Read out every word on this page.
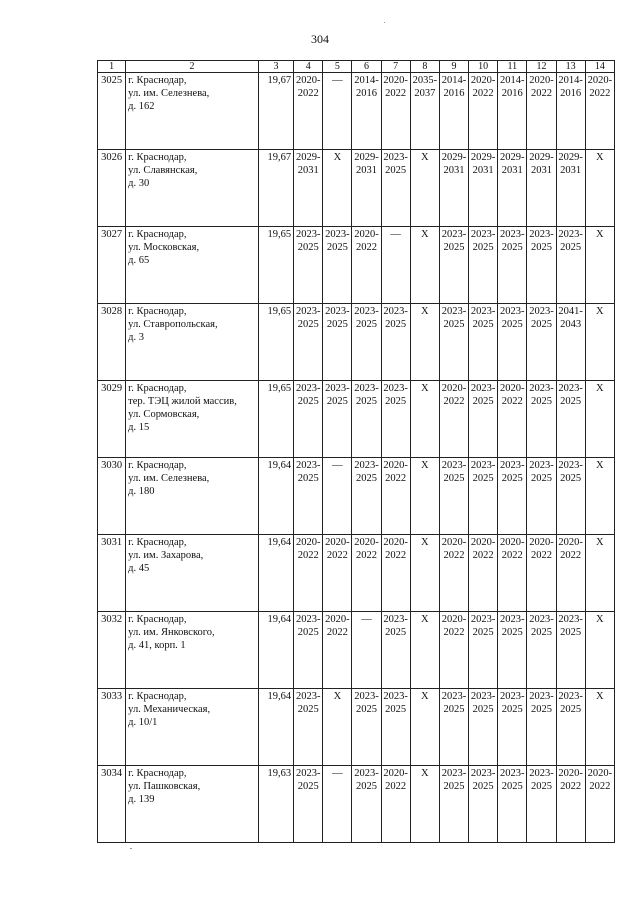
304
1	2	3	4	5	6	7	8	9	10	11	12	13	14
3025	г. Краснодар,
ул. им. Селезнева,
д. 162	19,67	2020-
2022	—	2014-
2016	2020-
2022	2035-
2037	2014-
2016	2020-
2022	2014-
2016	2020-
2022	2014-
2016	2020-
2022

3026	г. Краснодар,
ул. Славянская,
д. 30	19,67	2029-
2031	Х	2029-
2031	2023-
2025	Х	2029-
2031	2029-
2031	2029-
2031	2029-
2031	2029-
2031	Х

3027	г. Краснодар,
ул. Московская,
д. 65	19,65	2023-
2025	2023-
2025	2020-
2022	—	Х	2023-
2025	2023-
2025	2023-
2025	2023-
2025	2023-
2025	Х

3028	г. Краснодар,
ул. Ставропольская,
д. 3	19,65	2023-
2025	2023-
2025	2023-
2025	2023-
2025	Х	2023-
2025	2023-
2025	2023-
2025	2023-
2025	2041-
2043	Х

3029	г. Краснодар,
тер. ТЭЦ жилой массив,
ул. Сормовская,
д. 15	19,65	2023-
2025	2023-
2025	2023-
2025	2023-
2025	Х	2020-
2022	2023-
2025	2020-
2022	2023-
2025	2023-
2025	Х

3030	г. Краснодар,
ул. им. Селезнева,
д. 180	19,64	2023-
2025	—	2023-
2025	2020-
2022	Х	2023-
2025	2023-
2025	2023-
2025	2023-
2025	2023-
2025	Х

3031	г. Краснодар,
ул. им. Захарова,
д. 45	19,64	2020-
2022	2020-
2022	2020-
2022	2020-
2022	Х	2020-
2022	2020-
2022	2020-
2022	2020-
2022	2020-
2022	Х

3032	г. Краснодар,
ул. им. Янковского,
д. 41, корп. 1	19,64	2023-
2025	2020-
2022	—	2023-
2025	Х	2020-
2022	2023-
2025	2023-
2025	2023-
2025	2023-
2025	Х

3033	г. Краснодар,
ул. Механическая,
д. 10/1	19,64	2023-
2025	Х	2023-
2025	2023-
2025	Х	2023-
2025	2023-
2025	2023-
2025	2023-
2025	2023-
2025	Х

3034	г. Краснодар,
ул. Пашковская,
д. 139	19,63	2023-
2025	—	2023-
2025	2020-
2022	Х	2023-
2025	2023-
2025	2023-
2025	2023-
2025	2020-
2022	2020-
2022
